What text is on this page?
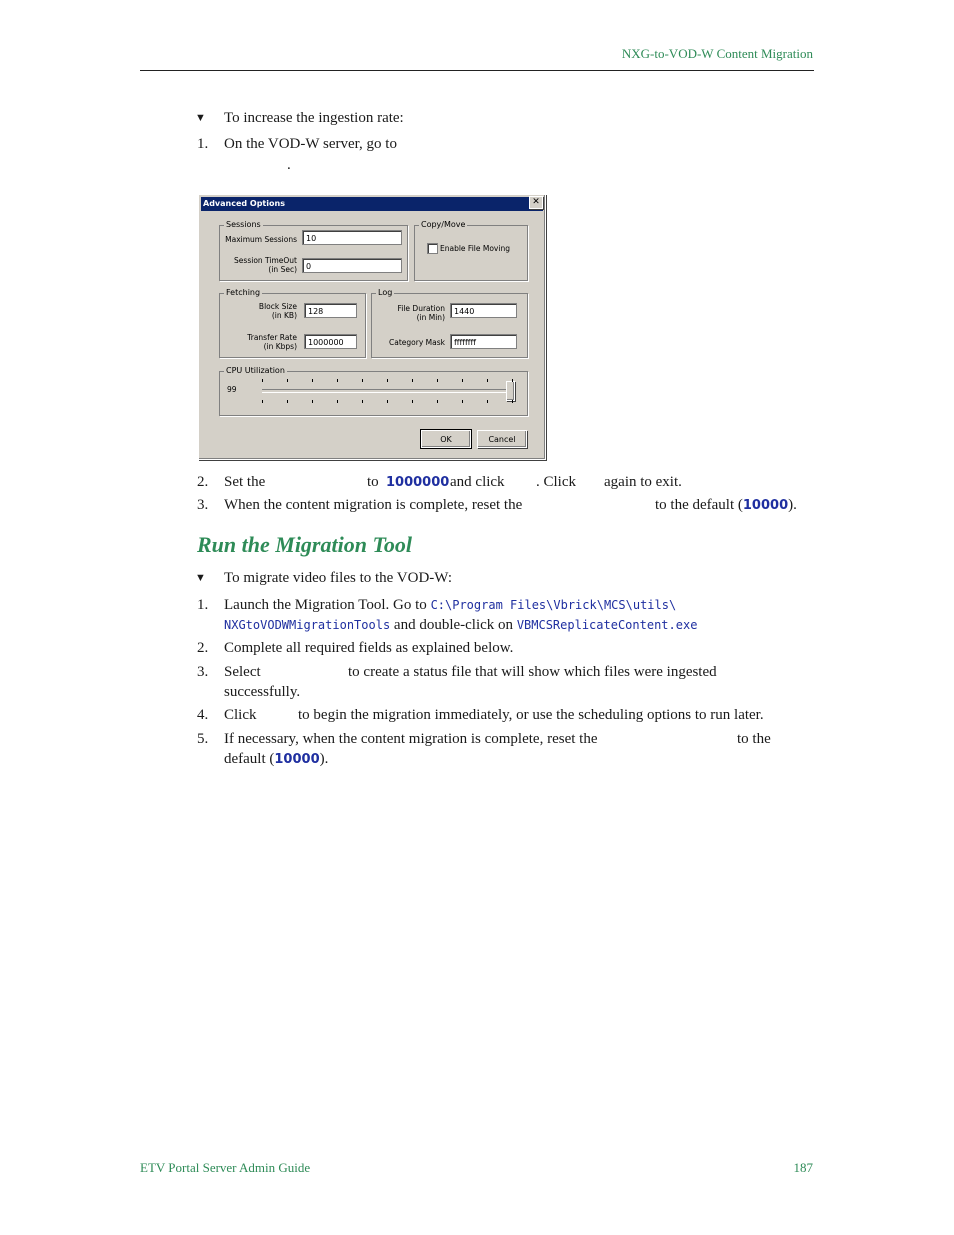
NXG-to-VOD-W Content Migration
▼ To increase the ingestion rate:
1. On the VOD-W server, go to
.
Advanced Options	✕
Sessions
Maximum Sessions	10
Session TimeOut
(in Sec)	0
Copy/Move
Enable File Moving
Fetching
Block Size
(in KB)	128
Transfer Rate
(in Kbps)	1000000
Log
File Duration
(in Min)
1440
Category Mask	ffffffff
CPU Utilization
99
OK	Cancel
2. Set the	to 1000000 and click . Click again to exit.
3. When the content migration is complete, reset the	to the default (10000).
Run the Migration Tool
▼ To migrate video files to the VOD-W:
1. Launch the Migration Tool. Go to C:\Program Files\Vbrick\MCS\utils\
NXGtoVODWMigrationTools and double-click on VBMCSReplicateContent.exe
2. Complete all required fields as explained below.
3. Select	to create a status file that will show which files were ingested
successfully.
4. Click	to begin the migration immediately, or use the scheduling options to run later.
5. If necessary, when the content migration is complete, reset the	to the
default (10000).
ETV Portal Server Admin Guide	187
